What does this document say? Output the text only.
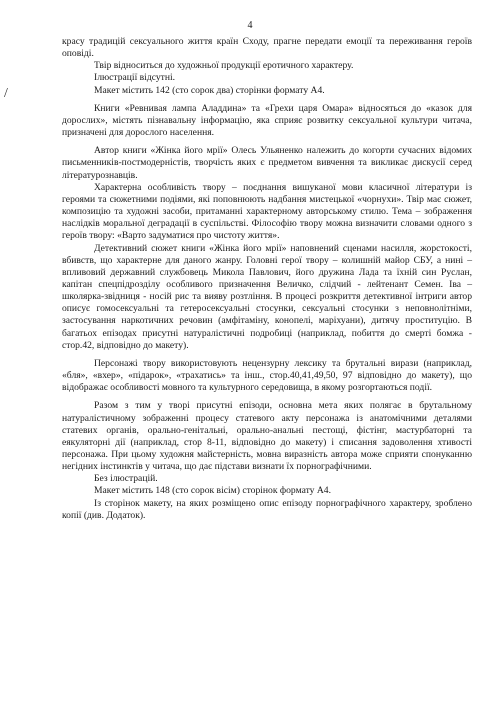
4
/

красу традицій сексуального життя країн Сходу, прагне передати емоції та переживання героїв оповіді.

Твір відноситься до художньої продукції еротичного характеру.

Ілюстрації відсутні.

Макет містить 142 (сто сорок два) сторінки формату А4.

Книги «Ревнивая лампа Аладдина» та «Грехи царя Омара» відносяться до «казок для дорослих», містять пізнавальну інформацію, яка сприяє розвитку сексуальної культури читача, призначені для дорослого населення.

Автор книги «Жінка його мрії» Олесь Ульяненко належить до когорти сучасних відомих письменників-постмодерністів, творчість яких є предметом вивчення та викликає дискусії серед літературознавців.

Характерна особливість твору – поєднання вишуканої мови класичної літератури із героями та сюжетними подіями, які поповнюють надбання мистецької «чорнухи». Твір має сюжет, композицію та художні засоби, притаманні характерному авторському стилю. Тема – зображення наслідків моральної деградації в суспільстві. Філософію твору можна визначити словами одного з героїв твору: «Варто задуматися про чистоту життя».

Детективний сюжет книги «Жінка його мрії» наповнений сценами насилля, жорстокості, вбивств, що характерне для даного жанру. Головні герої твору – колишній майор СБУ, а нині – впливовий державний службовець Микола Павлович, його дружина Лада та їхній син Руслан, капітан спецпідрозділу особливого призначення Величко, слідчий - лейтенант Семен. Іва – школярка-звідниця - носій рис та вияву розтління. В процесі розкриття детективної інтриги автор описує гомосексуальні та гетеросексуальні стосунки, сексуальні стосунки з неповнолітніми, застосування наркотичних речовин (амфітаміну, конопелі, маріхуани), дитячу проституцію. В багатьох епізодах присутні натуралістичні подробиці (наприклад, побиття до смерті бомжа - стор.42, відповідно до макету).

Персонажі твору використовують нецензурну лексику та брутальні вирази (наприклад, «бля», «вхер», «підарок», «трахатись» та інш., стор.40,41,49,50, 97 відповідно до макету), що відображає особливості мовного та культурного середовища, в якому розгортаються події.

Разом з тим у творі присутні епізоди, основна мета яких полягає в брутальному натуралістичному зображенні процесу статевого акту персонажа із анатомічними деталями статевих органів, орально-генітальні, орально-анальні пестощі, фістінг, мастурбаторні та еякуляторні дії (наприклад, стор 8-11, відповідно до макету) і списання задоволення хтивості персонажа. При цьому художня майстерність, мовна виразність автора може сприяти спонуканню негідних інстинктів у читача, що дає підстави визнати їх порнографічними.

Без ілюстрацій.

Макет містить 148 (сто сорок вісім) сторінок формату А4.

Із сторінок макету, на яких розміщено опис епізоду порнографічного характеру, зроблено копії (див. Додаток).
